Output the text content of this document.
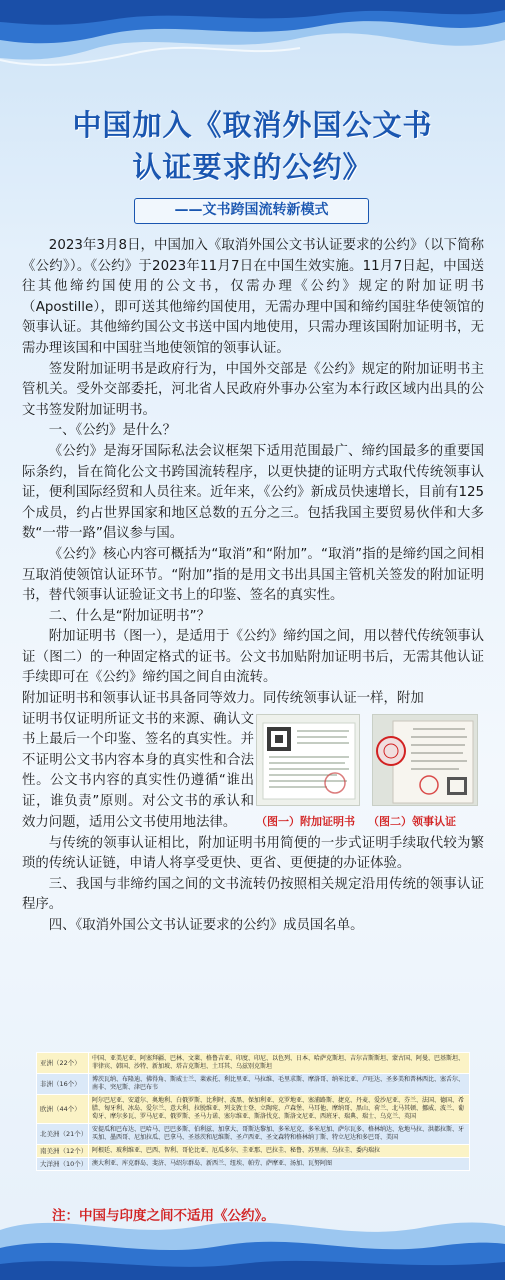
中国加入《取消外国公文书
认证要求的公约》
——文书跨国流转新模式

2023年3月8日，中国加入《取消外国公文书认证要求的公约》（以下简称《公约》）。《公约》于2023年11月7日在中国生效实施。11月7日起，中国送往其他缔约国使用的公文书，仅需办理《公约》规定的附加证明书（Apostille），即可送其他缔约国使用，无需办理中国和缔约国驻华使领馆的领事认证。其他缔约国公文书送中国内地使用，只需办理该国附加证明书，无需办理该国和中国驻当地使领馆的领事认证。

签发附加证明书是政府行为，中国外交部是《公约》规定的附加证明书主管机关。受外交部委托，河北省人民政府外事办公室为本行政区域内出具的公文书签发附加证明书。

一、《公约》是什么？

《公约》是海牙国际私法会议框架下适用范围最广、缔约国最多的重要国际条约，旨在简化公文书跨国流转程序，以更快捷的证明方式取代传统领事认证，便利国际经贸和人员往来。近年来，《公约》新成员快速增长，目前有125个成员，约占世界国家和地区总数的五分之三。包括我国主要贸易伙伴和大多数“一带一路”倡议参与国。

《公约》核心内容可概括为“取消”和“附加”。“取消”指的是缔约国之间相互取消使领馆认证环节。“附加”指的是用文书出具国主管机关签发的附加证明书，替代领事认证验证文书上的印鉴、签名的真实性。

二、什么是“附加证明书”？

附加证明书（图一），是适用于《公约》缔约国之间，用以替代传统领事认证（图二）的一种固定格式的证书。公文书加贴附加证明书后，无需其他认证手续即可在《公约》缔约国之间自由流转。

附加证明书和领事认证书具备同等效力。同传统领事认证一样，附加

证明书仅证明所证文书的来源、确认文书上最后一个印鉴、签名的真实性。并不证明公文书内容本身的真实性和合法性。公文书内容的真实性仍遵循“谁出证，谁负责”原则。对公文书的承认和效力问题，适用公文书使用地法律。	（图一）附加证明书 （图二）领事认证

与传统的领事认证相比，附加证明书用简便的一步式证明手续取代较为繁琐的传统认证链，申请人将享受更快、更省、更便捷的办证体验。

三、我国与非缔约国之间的文书流转仍按照相关规定沿用传统的领事认证程序。

四、《取消外国公文书认证要求的公约》成员国名单。

亚洲（22个）	中国、亚美尼亚、阿塞拜疆、巴林、文莱、格鲁吉亚、印度、印尼、以色列、日本、哈萨克斯坦、吉尔吉斯斯坦、蒙古国、阿曼、巴基斯坦、菲律宾、韩国、沙特、新加坡、塔吉克斯坦、土耳其、乌兹别克斯坦
非洲（16个）	博茨瓦纳、布隆迪、佛得角、斯威士兰、莱索托、利比里亚、马拉维、毛里求斯、摩洛哥、纳米比亚、卢旺达、圣多美和普林西比、塞舌尔、南非、突尼斯、津巴布韦
欧洲（44个）	阿尔巴尼亚、安道尔、奥地利、白俄罗斯、比利时、波黑、保加利亚、克罗地亚、塞浦路斯、捷克、丹麦、爱沙尼亚、芬兰、法国、德国、希腊、匈牙利、冰岛、爱尔兰、意大利、拉脱维亚、列支敦士登、立陶宛、卢森堡、马耳他、摩纳哥、黑山、荷兰、北马其顿、挪威、波兰、葡萄牙、摩尔多瓦、罗马尼亚、俄罗斯、圣马力诺、塞尔维亚、斯洛伐克、斯洛文尼亚、西班牙、瑞典、瑞士、乌克兰、英国
北美洲（21个）	安提瓜和巴布达、巴哈马、巴巴多斯、伯利兹、加拿大、哥斯达黎加、多米尼克、多米尼加、萨尔瓦多、格林纳达、危地马拉、洪都拉斯、牙买加、墨西哥、尼加拉瓜、巴拿马、圣基茨和尼维斯、圣卢西亚、圣文森特和格林纳丁斯、特立尼达和多巴哥、美国
南美洲（12个）	阿根廷、玻利维亚、巴西、智利、哥伦比亚、厄瓜多尔、圭亚那、巴拉圭、秘鲁、苏里南、乌拉圭、委内瑞拉
大洋洲（10个）	澳大利亚、库克群岛、斐济、马绍尔群岛、新西兰、纽埃、帕劳、萨摩亚、汤加、瓦努阿图
注：中国与印度之间不适用《公约》。
